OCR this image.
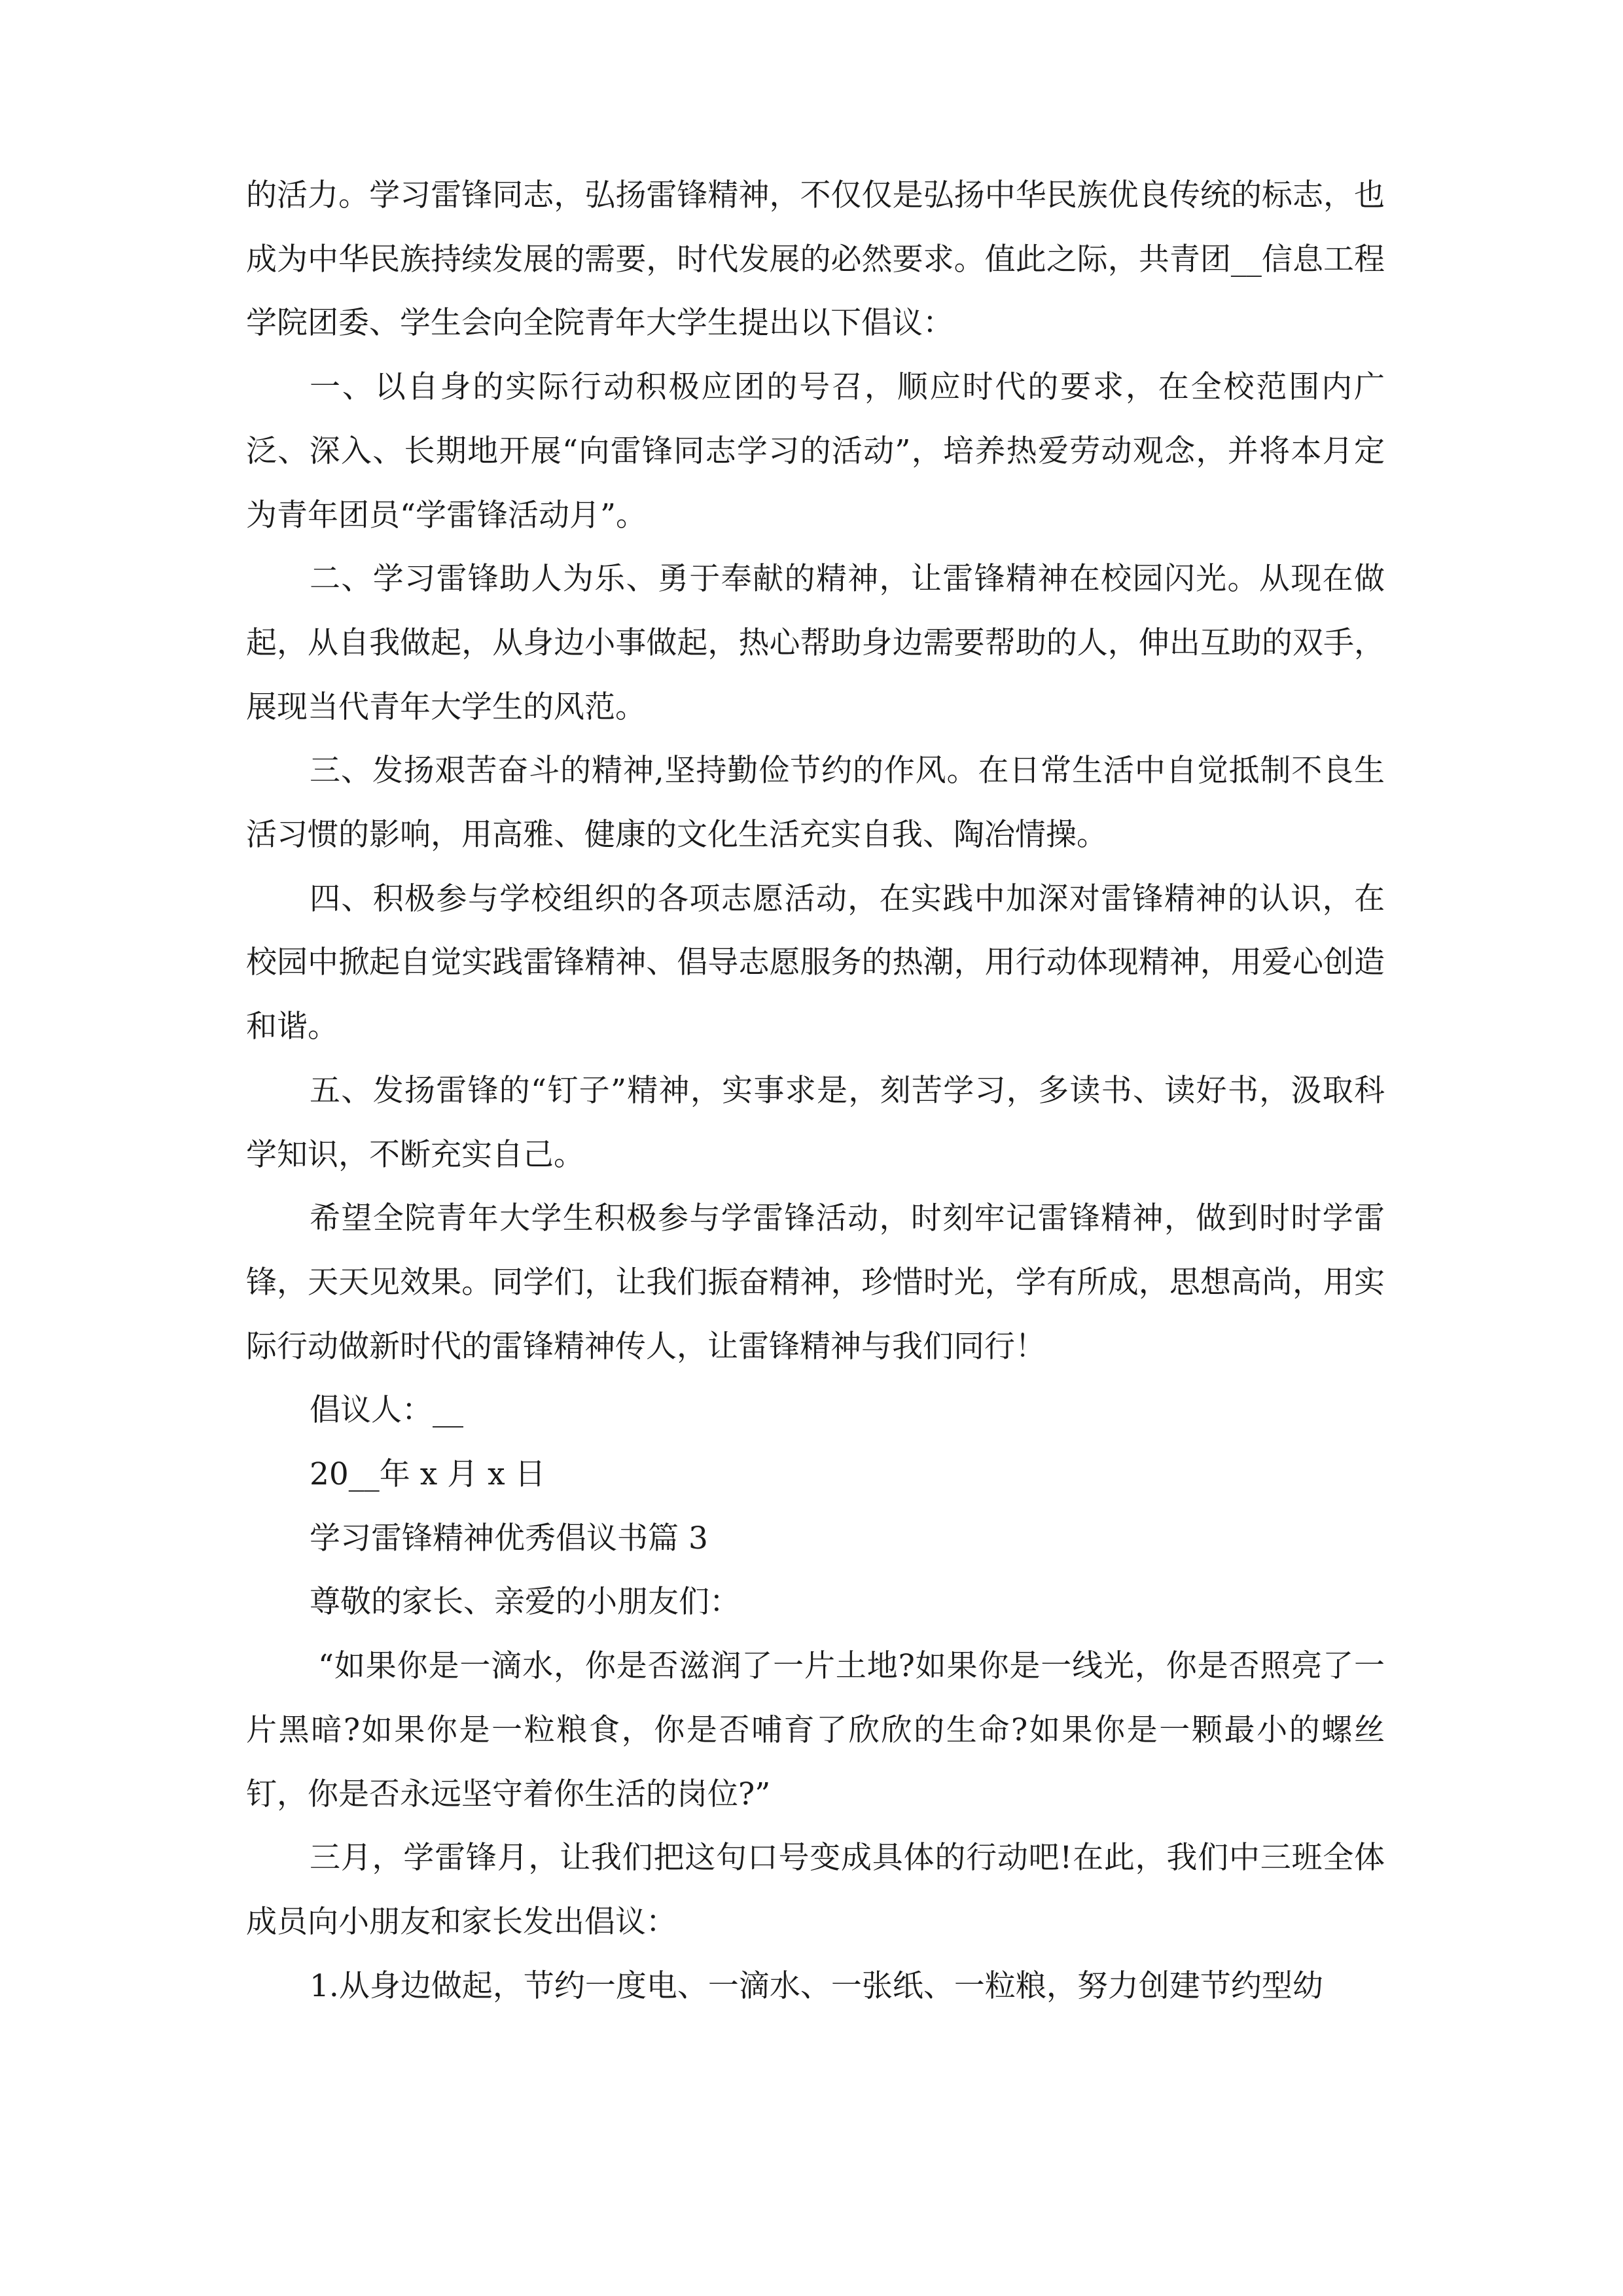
的活力。学习雷锋同志，弘扬雷锋精神，不仅仅是弘扬中华民族优良传统的标志，也成为中华民族持续发展的需要，时代发展的必然要求。值此之际，共青团__信息工程学院团委、学生会向全院青年大学生提出以下倡议：

一、以自身的实际行动积极应团的号召，顺应时代的要求，在全校范围内广泛、深入、长期地开展“向雷锋同志学习的活动”，培养热爱劳动观念，并将本月定为青年团员“学雷锋活动月”。

二、学习雷锋助人为乐、勇于奉献的精神，让雷锋精神在校园闪光。从现在做起，从自我做起，从身边小事做起，热心帮助身边需要帮助的人，伸出互助的双手，展现当代青年大学生的风范。

三、发扬艰苦奋斗的精神,坚持勤俭节约的作风。在日常生活中自觉抵制不良生活习惯的影响，用高雅、健康的文化生活充实自我、陶冶情操。

四、积极参与学校组织的各项志愿活动，在实践中加深对雷锋精神的认识，在校园中掀起自觉实践雷锋精神、倡导志愿服务的热潮，用行动体现精神，用爱心创造和谐。

五、发扬雷锋的“钉子”精神，实事求是，刻苦学习，多读书、读好书，汲取科学知识，不断充实自己。

希望全院青年大学生积极参与学雷锋活动，时刻牢记雷锋精神，做到时时学雷锋，天天见效果。同学们，让我们振奋精神，珍惜时光，学有所成，思想高尚，用实际行动做新时代的雷锋精神传人，让雷锋精神与我们同行！

倡议人：__

20__年 x 月 x 日

学习雷锋精神优秀倡议书篇 3

尊敬的家长、亲爱的小朋友们：

“如果你是一滴水，你是否滋润了一片土地?如果你是一线光，你是否照亮了一片黑暗?如果你是一粒粮食，你是否哺育了欣欣的生命?如果你是一颗最小的螺丝钉，你是否永远坚守着你生活的岗位?”

三月，学雷锋月，让我们把这句口号变成具体的行动吧!在此，我们中三班全体成员向小朋友和家长发出倡议：

1.从身边做起，节约一度电、一滴水、一张纸、一粒粮，努力创建节约型幼
